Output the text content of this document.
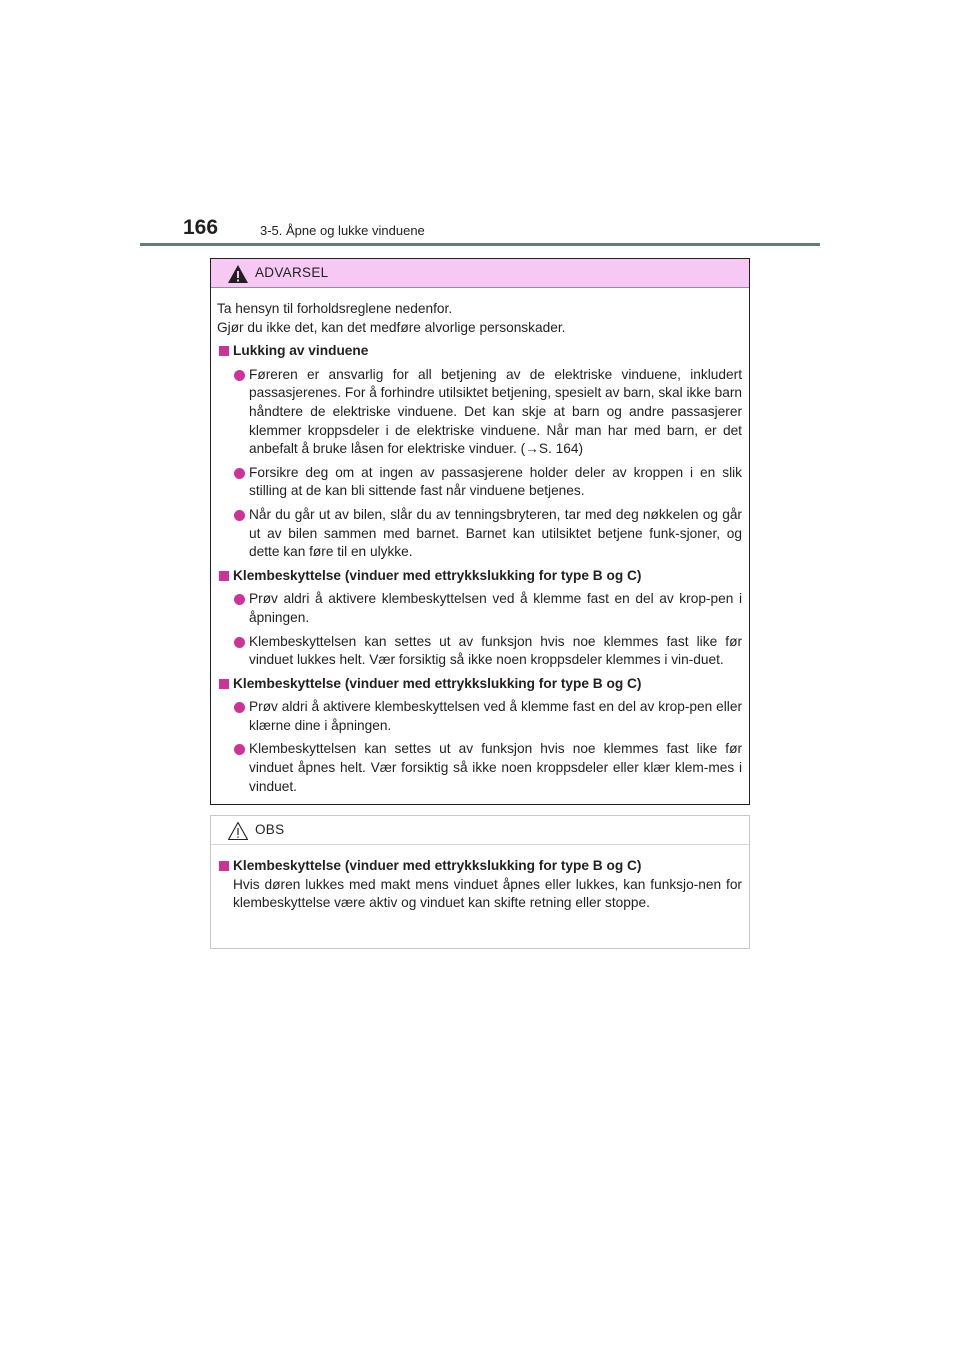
166	3-5. Åpne og lukke vinduene
ADVARSEL

Ta hensyn til forholdsreglene nedenfor.

Gjør du ikke det, kan det medføre alvorlige personskader.

Lukking av vinduene
Føreren er ansvarlig for all betjening av de elektriske vinduene, inkludert passasjerenes. For å forhindre utilsiktet betjening, spesielt av barn, skal ikke barn håndtere de elektriske vinduene. Det kan skje at barn og andre passasjerer klemmer kroppsdeler i de elektriske vinduene. Når man har med barn, er det anbefalt å bruke låsen for elektriske vinduer. (→S. 164)
Forsikre deg om at ingen av passasjerene holder deler av kroppen i en slik stilling at de kan bli sittende fast når vinduene betjenes.
Når du går ut av bilen, slår du av tenningsbryteren, tar med deg nøkkelen og går ut av bilen sammen med barnet. Barnet kan utilsiktet betjene funk-sjoner, og dette kan føre til en ulykke.
Klembeskyttelse (vinduer med ettrykkslukking for type B og C)
Prøv aldri å aktivere klembeskyttelsen ved å klemme fast en del av krop-pen i åpningen.
Klembeskyttelsen kan settes ut av funksjon hvis noe klemmes fast like før vinduet lukkes helt. Vær forsiktig så ikke noen kroppsdeler klemmes i vin-duet.
Klembeskyttelse (vinduer med ettrykkslukking for type B og C)
Prøv aldri å aktivere klembeskyttelsen ved å klemme fast en del av krop-pen eller klærne dine i åpningen.
Klembeskyttelsen kan settes ut av funksjon hvis noe klemmes fast like før vinduet åpnes helt. Vær forsiktig så ikke noen kroppsdeler eller klær klem-mes i vinduet.
OBS
Klembeskyttelse (vinduer med ettrykkslukking for type B og C)

Hvis døren lukkes med makt mens vinduet åpnes eller lukkes, kan funksjo-nen for klembeskyttelse være aktiv og vinduet kan skifte retning eller stoppe.
